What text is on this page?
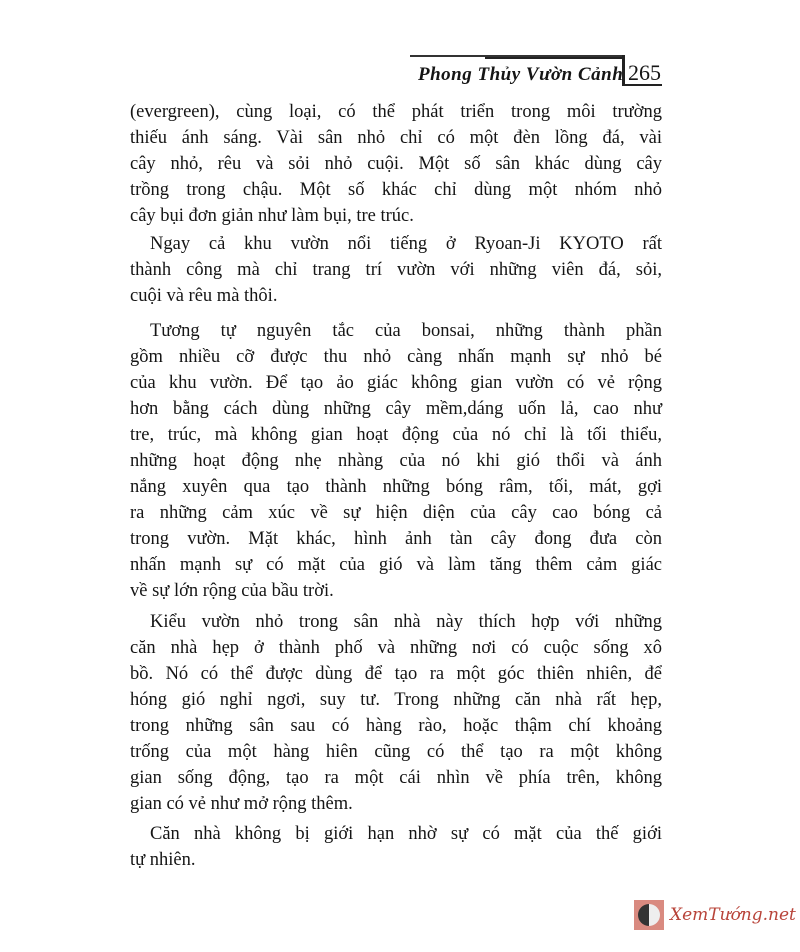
Phong Thủy Vườn Cảnh 265
(evergreen), cùng loại, có thể phát triển trong môi trường
thiếu ánh sáng. Vài sân nhỏ chỉ có một đèn lồng đá, vài
cây nhỏ, rêu và sỏi nhỏ cuội. Một số sân khác dùng cây
trồng trong chậu. Một số khác chỉ dùng một nhóm nhỏ
cây bụi đơn giản như làm bụi, tre trúc.
Ngay cả khu vườn nổi tiếng ở Ryoan-Ji KYOTO rất
thành công mà chỉ trang trí vườn với những viên đá, sỏi,
cuội và rêu mà thôi.
Tương tự nguyên tắc của bonsai, những thành phần
gồm nhiều cỡ được thu nhỏ càng nhấn mạnh sự nhỏ bé
của khu vườn. Để tạo ảo giác không gian vườn có vẻ rộng
hơn bằng cách dùng những cây mềm,dáng uốn lả, cao như
tre, trúc, mà không gian hoạt động của nó chỉ là tối thiểu,
những hoạt động nhẹ nhàng của nó khi gió thổi và ánh
nắng xuyên qua tạo thành những bóng râm, tối, mát, gợi
ra những cảm xúc về sự hiện diện của cây cao bóng cả
trong vườn. Mặt khác, hình ảnh tàn cây đong đưa còn
nhấn mạnh sự có mặt của gió và làm tăng thêm cảm giác
về sự lớn rộng của bầu trời.
Kiểu vườn nhỏ trong sân nhà này thích hợp với những
căn nhà hẹp ở thành phố và những nơi có cuộc sống xô
bồ. Nó có thể được dùng để tạo ra một góc thiên nhiên, để
hóng gió nghỉ ngơi, suy tư. Trong những căn nhà rất hẹp,
trong những sân sau có hàng rào, hoặc thậm chí khoảng
trống của một hàng hiên cũng có thể tạo ra một không
gian sống động, tạo ra một cái nhìn về phía trên, không
gian có vẻ như mở rộng thêm.
Căn nhà không bị giới hạn nhờ sự có mặt của thế giới
tự nhiên.
XemTướng.net
